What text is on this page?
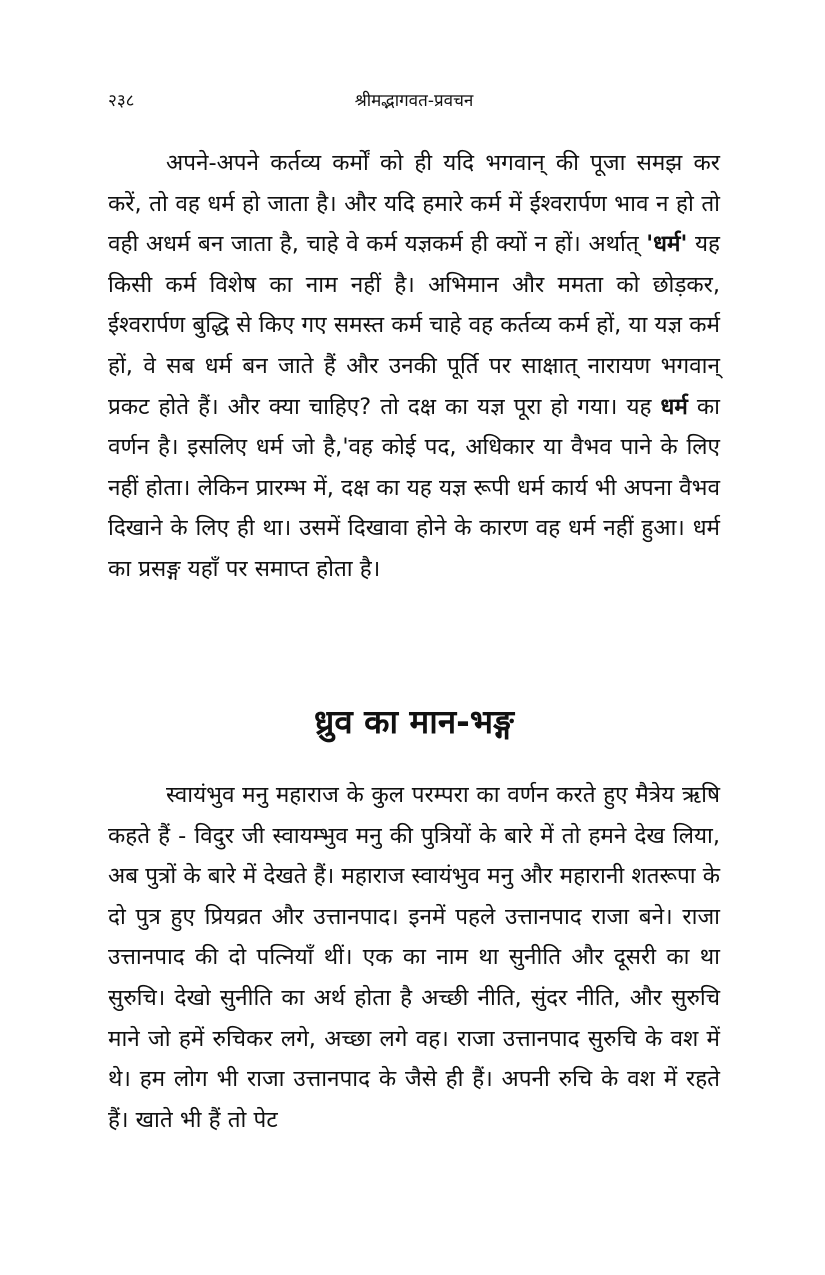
२३८	श्रीमद्भागवत-प्रवचन

अपने-अपने कर्तव्य कर्मों को ही यदि भगवान् की पूजा समझ कर करें, तो वह धर्म हो जाता है। और यदि हमारे कर्म में ईश्वरार्पण भाव न हो तो वही अधर्म बन जाता है, चाहे वे कर्म यज्ञकर्म ही क्यों न हों। अर्थात् 'धर्म' यह किसी कर्म विशेष का नाम नहीं है। अभिमान और ममता को छोड़कर, ईश्वरार्पण बुद्धि से किए गए समस्त कर्म चाहे वह कर्तव्य कर्म हों, या यज्ञ कर्म हों, वे सब धर्म बन जाते हैं और उनकी पूर्ति पर साक्षात् नारायण भगवान् प्रकट होते हैं। और क्या चाहिए? तो दक्ष का यज्ञ पूरा हो गया। यह धर्म का वर्णन है। इसलिए धर्म जो है,'वह कोई पद, अधिकार या वैभव पाने के लिए नहीं होता। लेकिन प्रारम्भ में, दक्ष का यह यज्ञ रूपी धर्म कार्य भी अपना वैभव दिखाने के लिए ही था। उसमें दिखावा होने के कारण वह धर्म नहीं हुआ। धर्म का प्रसङ्ग यहाँ पर समाप्त होता है।

ध्रुव का मान-भङ्ग

स्वायंभुव मनु महाराज के कुल परम्परा का वर्णन करते हुए मैत्रेय ऋषि कहते हैं - विदुर जी स्वायम्भुव मनु की पुत्रियों के बारे में तो हमने देख लिया, अब पुत्रों के बारे में देखते हैं। महाराज स्वायंभुव मनु और महारानी शतरूपा के दो पुत्र हुए प्रियव्रत और उत्तानपाद। इनमें पहले उत्तानपाद राजा बने। राजा उत्तानपाद की दो पत्नियाँ थीं। एक का नाम था सुनीति और दूसरी का था सुरुचि। देखो सुनीति का अर्थ होता है अच्छी नीति, सुंदर नीति, और सुरुचि माने जो हमें रुचिकर लगे, अच्छा लगे वह। राजा उत्तानपाद सुरुचि के वश में थे। हम लोग भी राजा उत्तानपाद के जैसे ही हैं। अपनी रुचि के वश में रहते हैं। खाते भी हैं तो पेट
